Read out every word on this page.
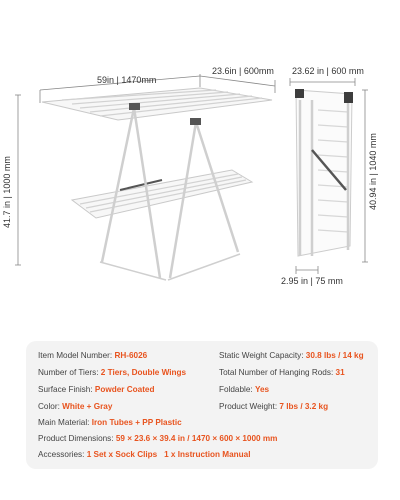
59in | 1470mm
23.6in | 600mm
41.7 in | 1000 mm
23.62 in | 600 mm
40.94 in | 1040 mm
2.95 in | 75 mm
Item Model Number: RH-6026
Number of Tiers: 2 Tiers, Double Wings
Surface Finish: Powder Coated
Color: White + Gray
Main Material: Iron Tubes + PP Plastic
Product Dimensions: 59 × 23.6 × 39.4 in / 1470 × 600 × 1000 mm
Accessories: 1 Set x Sock Clips 1 x Instruction Manual
Static Weight Capacity: 30.8 lbs / 14 kg
Total Number of Hanging Rods: 31
Foldable: Yes
Product Weight: 7 lbs / 3.2 kg
